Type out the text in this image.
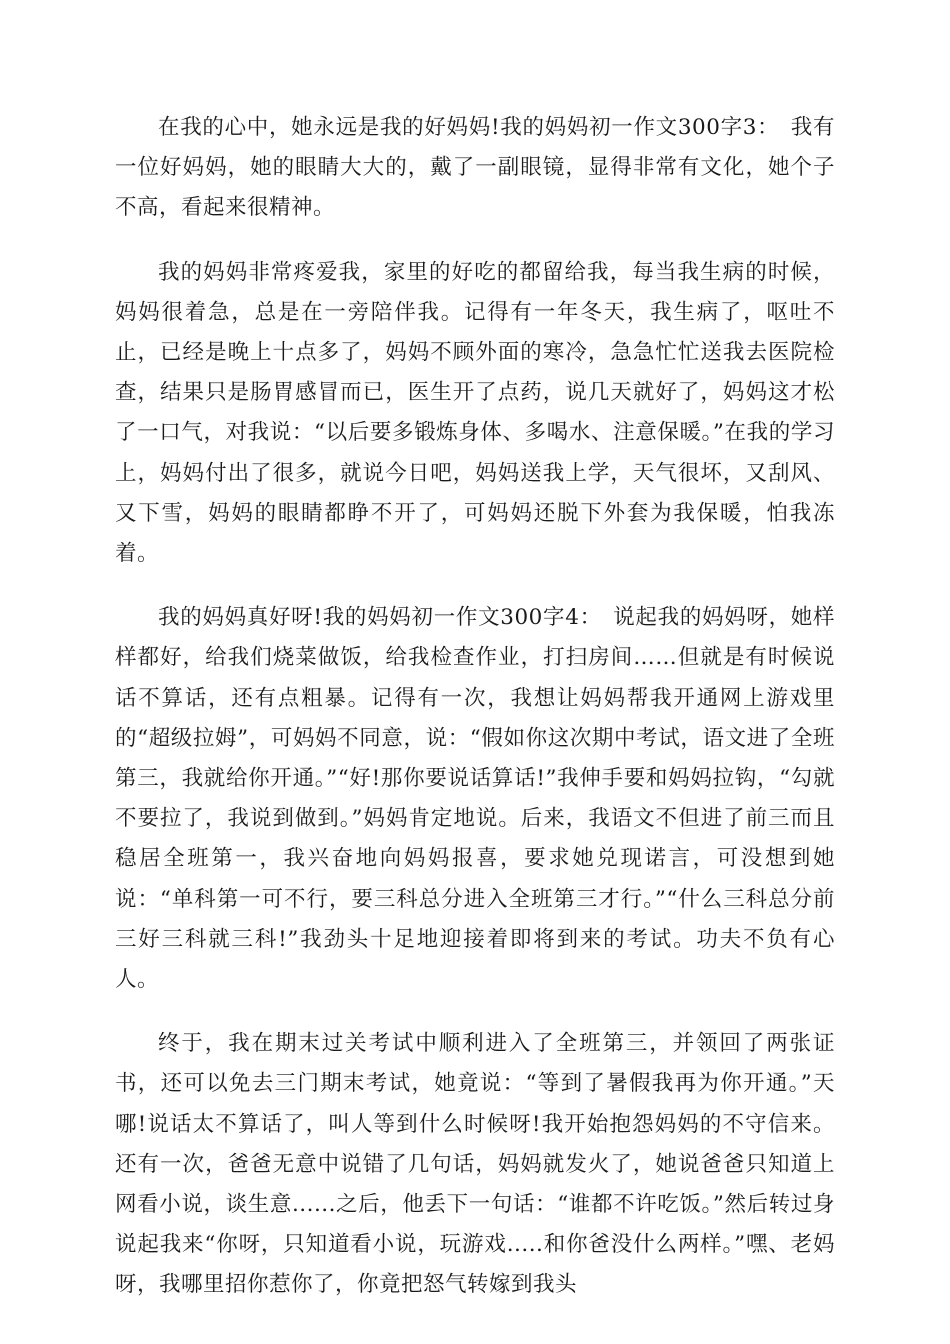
在我的心中，她永远是我的好妈妈!我的妈妈初一作文300字3：　我有一位好妈妈，她的眼睛大大的，戴了一副眼镜，显得非常有文化，她个子不高，看起来很精神。

我的妈妈非常疼爱我，家里的好吃的都留给我，每当我生病的时候，妈妈很着急，总是在一旁陪伴我。记得有一年冬天，我生病了，呕吐不止，已经是晚上十点多了，妈妈不顾外面的寒冷，急急忙忙送我去医院检查，结果只是肠胃感冒而已，医生开了点药，说几天就好了，妈妈这才松了一口气，对我说：“以后要多锻炼身体、多喝水、注意保暖。”在我的学习上，妈妈付出了很多，就说今日吧，妈妈送我上学，天气很坏，又刮风、又下雪，妈妈的眼睛都睁不开了，可妈妈还脱下外套为我保暖，怕我冻着。

我的妈妈真好呀!我的妈妈初一作文300字4：　说起我的妈妈呀，她样样都好，给我们烧菜做饭，给我检查作业，打扫房间……但就是有时候说话不算话，还有点粗暴。记得有一次，我想让妈妈帮我开通网上游戏里的“超级拉姆”，可妈妈不同意，说：“假如你这次期中考试，语文进了全班第三，我就给你开通。”“好!那你要说话算话!”我伸手要和妈妈拉钩，“勾就不要拉了，我说到做到。”妈妈肯定地说。后来，我语文不但进了前三而且稳居全班第一，我兴奋地向妈妈报喜，要求她兑现诺言，可没想到她说：“单科第一可不行，要三科总分进入全班第三才行。”“什么三科总分前三好三科就三科!”我劲头十足地迎接着即将到来的考试。功夫不负有心人。

终于，我在期末过关考试中顺利进入了全班第三，并领回了两张证书，还可以免去三门期末考试，她竟说：“等到了暑假我再为你开通。”天哪!说话太不算话了，叫人等到什么时候呀!我开始抱怨妈妈的不守信来。还有一次，爸爸无意中说错了几句话，妈妈就发火了，她说爸爸只知道上网看小说，谈生意......之后，他丢下一句话：“谁都不许吃饭。”然后转过身说起我来“你呀，只知道看小说，玩游戏.....和你爸没什么两样。”嘿、老妈呀，我哪里招你惹你了，你竟把怒气转嫁到我头
